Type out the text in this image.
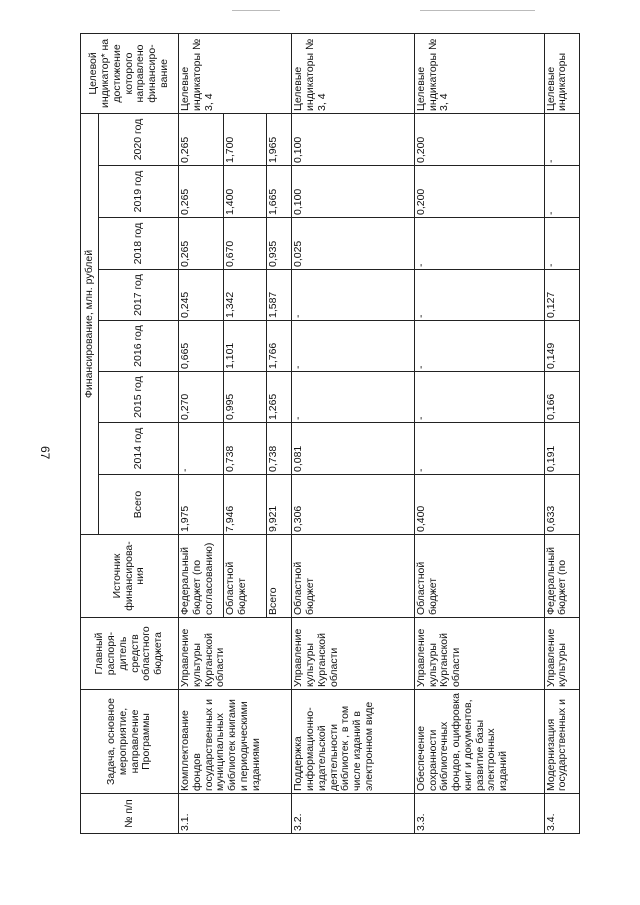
67
№ п/п	Задача, основное мероприятие, направление Программы	Главный распоря-дитель средств областного бюджета	Источник финансирова-ния	Финансирование, млн. рублей								Целевой индикатор* на достижение которого направлено финансиро-вание
				Всего	2014 год	2015 год	2016 год	2017 год	2018 год	2019 год	2020 год	
3.1.	Комплектование фондов государственных и муниципальных библиотек книгами и периодическими изданиями	Управление культуры Курганской области	Федеральный бюджет (по согласованию)	1,975	-	0,270	0,665	0,245	0,265	0,265	0,265	Целевые индикаторы № 3, 4
			Областной бюджет	7,946	0,738	0,995	1,101	1,342	0,670	1,400	1,700	
			Всего	9,921	0,738	1,265	1,766	1,587	0,935	1,665	1,965	
3.2.	Поддержка информационно-издательской деятельности библиотек , в том числе изданий в электронном виде	Управление культуры Курганской области	Областной бюджет	0,306	0,081	-	-	-	0,025	0,100	0,100	Целевые индикаторы № 3, 4
3.3.	Обеспечение сохранности библиотечных фондов, оцифровка книг и документов, развитие базы электронных изданий	Управление культуры Курганской области	Областной бюджет	0,400	-	-	-	-	-	0,200	0,200	Целевые индикаторы № 3, 4
3.4.	Модернизация государственных и	Управление культуры	Федеральный бюджет (по	0,633	0,191	0,166	0,149	0,127	-	-	-	Целевые индикаторы
